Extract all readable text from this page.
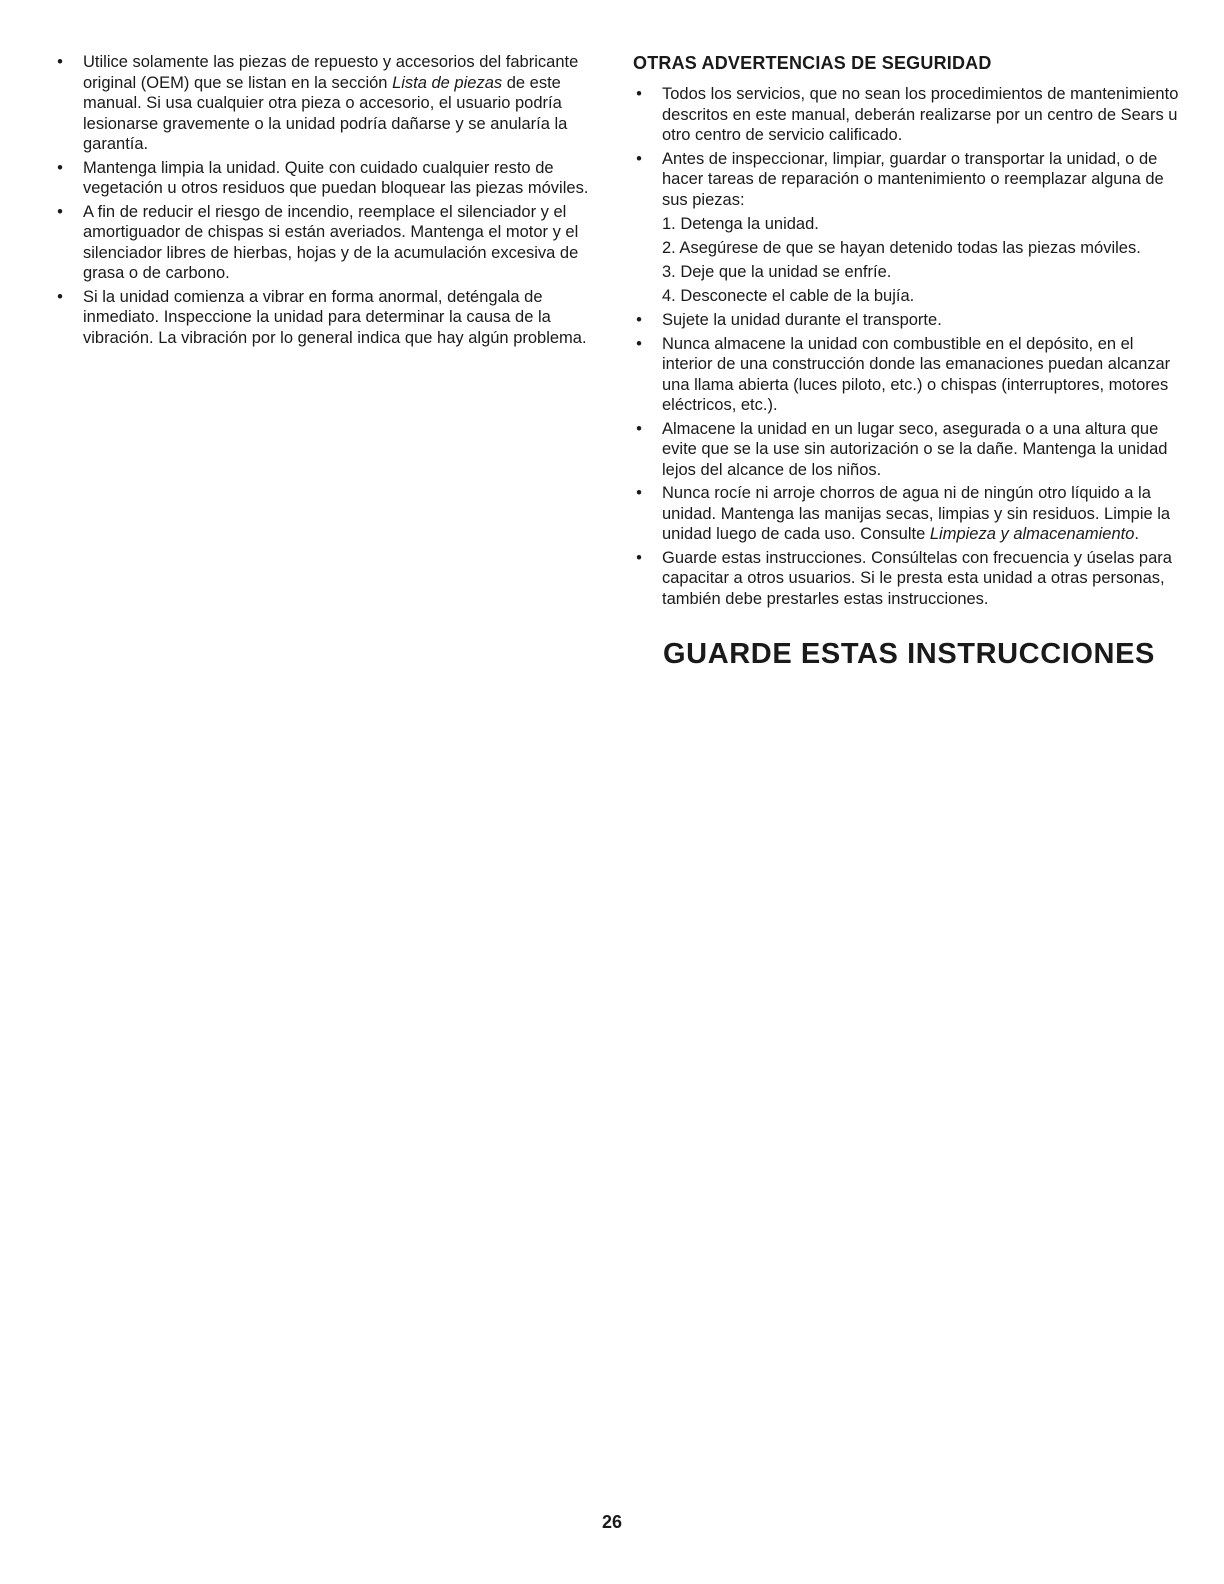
• Utilice solamente las piezas de repuesto y accesorios del fabricante original (OEM) que se listan en la sección Lista de piezas de este manual. Si usa cualquier otra pieza o accesorio, el usuario podría lesionarse gravemente o la unidad podría dañarse y se anularía la garantía.
• Mantenga limpia la unidad. Quite con cuidado cualquier resto de vegetación u otros residuos que puedan bloquear las piezas móviles.
• A fin de reducir el riesgo de incendio, reemplace el silenciador y el amortiguador de chispas si están averiados. Mantenga el motor y el silenciador libres de hierbas, hojas y de la acumulación excesiva de grasa o de carbono.
• Si la unidad comienza a vibrar en forma anormal, deténgala de inmediato. Inspeccione la unidad para determinar la causa de la vibración. La vibración por lo general indica que hay algún problema.
OTRAS ADVERTENCIAS DE SEGURIDAD
• Todos los servicios, que no sean los procedimientos de mantenimiento descritos en este manual, deberán realizarse por un centro de Sears u otro centro de servicio calificado.
• Antes de inspeccionar, limpiar, guardar o transportar la unidad, o de hacer tareas de reparación o mantenimiento o reemplazar alguna de sus piezas:
1. Detenga la unidad.
2. Asegúrese de que se hayan detenido todas las piezas móviles.
3. Deje que la unidad se enfríe.
4. Desconecte el cable de la bujía.
• Sujete la unidad durante el transporte.
• Nunca almacene la unidad con combustible en el depósito, en el interior de una construcción donde las emanaciones puedan alcanzar una llama abierta (luces piloto, etc.) o chispas (interruptores, motores eléctricos, etc.).
• Almacene la unidad en un lugar seco, asegurada o a una altura que evite que se la use sin autorización o se la dañe. Mantenga la unidad lejos del alcance de los niños.
• Nunca rocíe ni arroje chorros de agua ni de ningún otro líquido a la unidad. Mantenga las manijas secas, limpias y sin residuos. Limpie la unidad luego de cada uso. Consulte Limpieza y almacenamiento.
• Guarde estas instrucciones. Consúltelas con frecuencia y úselas para capacitar a otros usuarios. Si le presta esta unidad a otras personas, también debe prestarles estas instrucciones.
GUARDE ESTAS INSTRUCCIONES
26
